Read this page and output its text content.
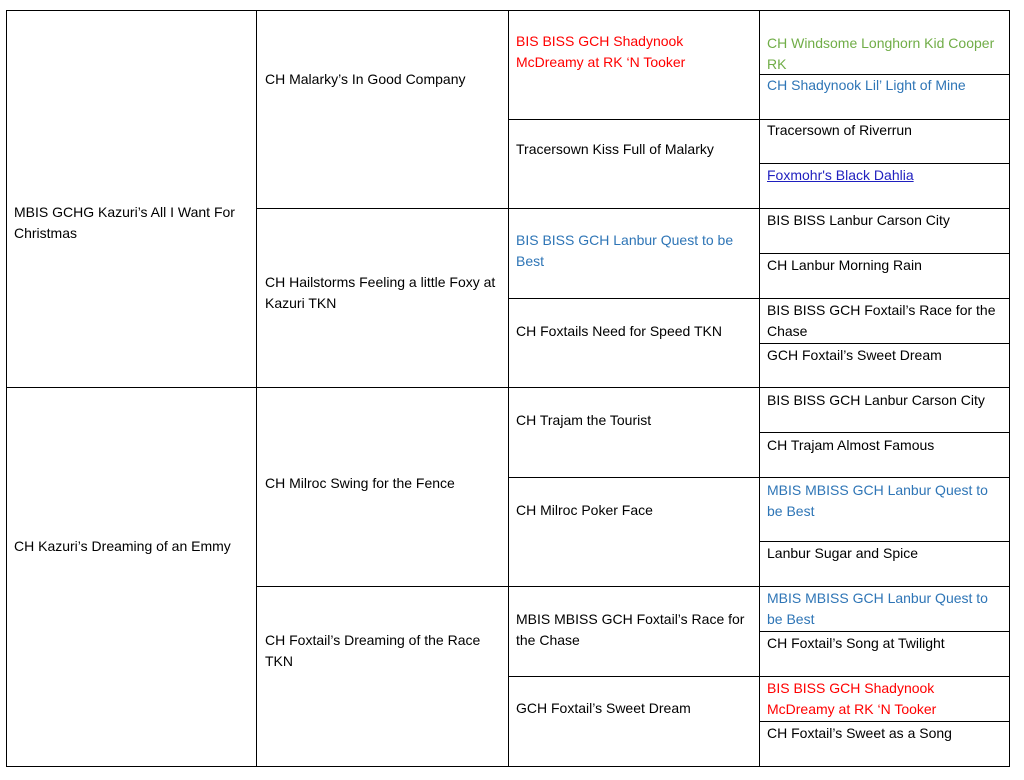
MBIS GCHG Kazuri’s All I Want For Christmas
CH Kazuri’s Dreaming of an Emmy
CH Malarky’s In Good Company
CH Hailstorms Feeling a little Foxy at Kazuri TKN
CH Milroc Swing for the Fence
CH Foxtail’s Dreaming of the Race TKN
BIS BISS GCH Shadynook McDreamy at RK ‘N Tooker
Tracersown Kiss Full of Malarky
BIS BISS GCH Lanbur Quest to be Best
CH Foxtails Need for Speed TKN
CH Trajam the Tourist
CH Milroc Poker Face
MBIS MBISS GCH Foxtail’s Race for the Chase
GCH Foxtail’s Sweet Dream
CH Windsome Longhorn Kid Cooper RK
CH Shadynook Lil’ Light of Mine
Tracersown of Riverrun
Foxmohr's Black Dahlia
BIS BISS Lanbur Carson City
CH Lanbur Morning Rain
BIS BISS GCH Foxtail’s Race for the Chase
GCH Foxtail’s Sweet Dream
BIS BISS GCH Lanbur Carson City
CH Trajam Almost Famous
MBIS MBISS GCH Lanbur Quest to be Best
Lanbur Sugar and Spice
MBIS MBISS GCH Lanbur Quest to be Best
CH Foxtail’s Song at Twilight
BIS BISS GCH Shadynook McDreamy at RK ‘N Tooker
CH Foxtail’s Sweet as a Song
